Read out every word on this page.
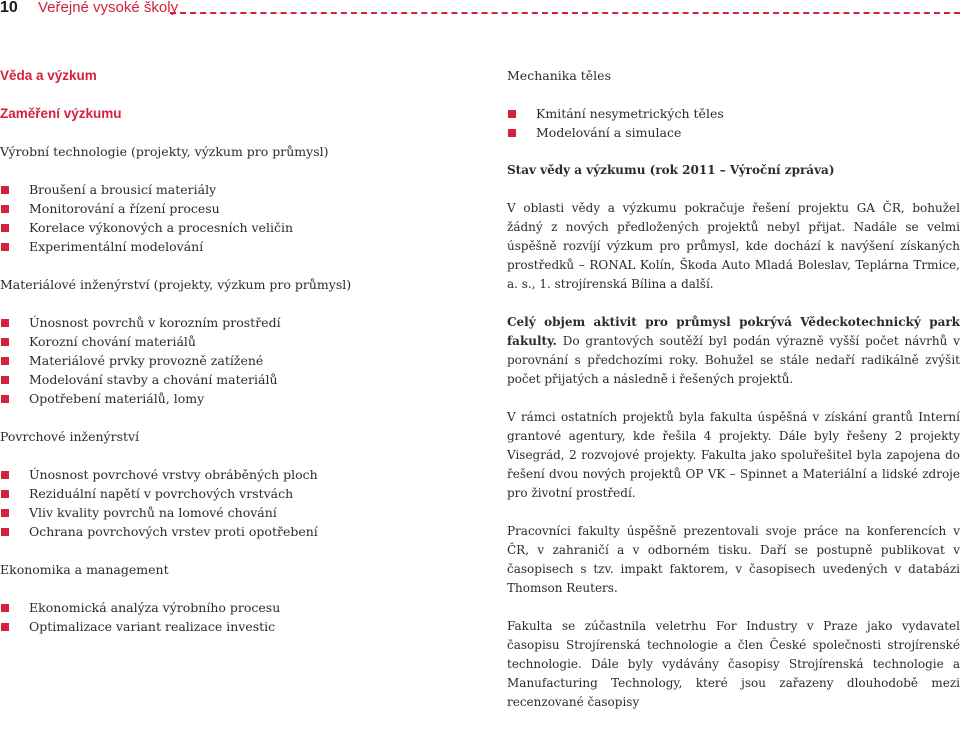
10 Veřejné vysoké školy
Věda a výzkum
Zaměření výzkumu
Výrobní technologie (projekty, výzkum pro průmysl)
Broušení a brousicí materiály
Monitorování a řízení procesu
Korelace výkonových a procesních veličin
Experimentální modelování
Materiálové inženýrství (projekty, výzkum pro průmysl)
Únosnost povrchů v korozním prostředí
Korozní chování materiálů
Materiálové prvky provozně zatížené
Modelování stavby a chování materiálů
Opotřebení materiálů, lomy
Povrchové inženýrství
Únosnost povrchové vrstvy obráběných ploch
Reziduální napětí v povrchových vrstvách
Vliv kvality povrchů na lomové chování
Ochrana povrchových vrstev proti opotřebení
Ekonomika a management
Ekonomická analýza výrobního procesu
Optimalizace variant realizace investic
Mechanika těles
Kmitání nesymetrických těles
Modelování a simulace
Stav vědy a výzkumu (rok 2011 – Výroční zpráva)

V oblasti vědy a výzkumu pokračuje řešení projektu GA ČR, bohužel žádný z nových předložených projektů nebyl přijat. Nadále se velmi úspěšně rozvíjí výzkum pro průmysl, kde dochází k navýšení získaných prostředků – RONAL Kolín, Škoda Auto Mladá Boleslav, Teplárna Trmice, a. s., 1. strojírenská Bílina a další.

Celý objem aktivit pro průmysl pokrývá Vědeckotechnický park fakulty. Do grantových soutěží byl podán výrazně vyšší počet návrhů v porovnání s předchozími roky. Bohužel se stále nedaří radikálně zvýšit počet přijatých a následně i řešených projektů.

V rámci ostatních projektů byla fakulta úspěšná v získání grantů Interní grantové agentury, kde řešila 4 projekty. Dále byly řešeny 2 projekty Visegrád, 2 rozvojové projekty. Fakulta jako spoluřešitel byla zapojena do řešení dvou nových projektů OP VK – Spinnet a Materiální a lidské zdroje pro životní prostředí.

Pracovníci fakulty úspěšně prezentovali svoje práce na konferencích v ČR, v zahraničí a v odborném tisku. Daří se postupně publikovat v časopisech s tzv. impakt faktorem, v časopisech uvedených v databázi Thomson Reuters.

Fakulta se zúčastnila veletrhu For Industry v Praze jako vydavatel časopisu Strojírenská technologie a člen České společnosti strojírenské technologie. Dále byly vydávány časopisy Strojírenská technologie a Manufacturing Technology, které jsou zařazeny dlouhodobě mezi recenzované časopisy
